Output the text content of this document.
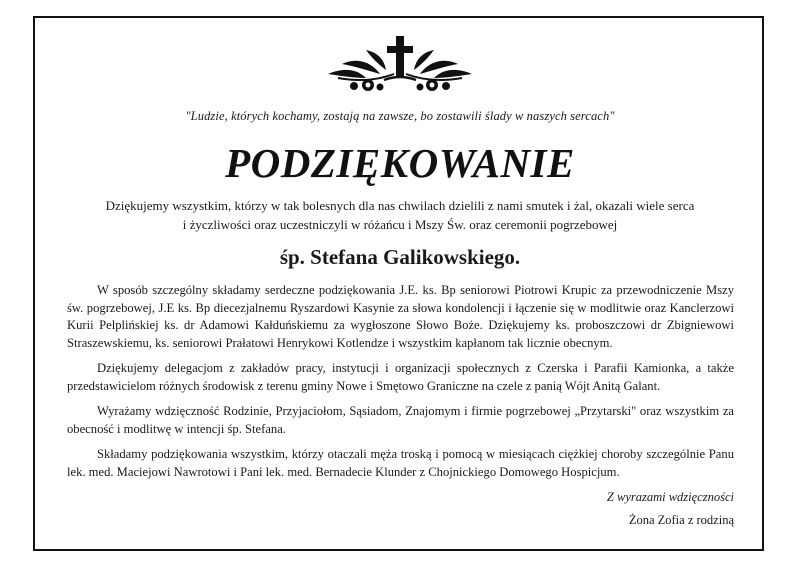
"Ludzie, których kochamy, zostają na zawsze, bo zostawili ślady w naszych sercach"
PODZIĘKOWANIE
Dziękujemy wszystkim, którzy w tak bolesnych dla nas chwilach dzielili z nami smutek i żal, okazali wiele serca
i życzliwości oraz uczestniczyli w różańcu i Mszy Św. oraz ceremonii pogrzebowej
śp. Stefana Galikowskiego.

W sposób szczególny składamy serdeczne podziękowania J.E. ks. Bp seniorowi Piotrowi Krupic za przewodniczenie Mszy św. pogrzebowej, J.E ks. Bp diecezjalnemu Ryszardowi Kasynie za słowa kondolencji i łączenie się w modlitwie oraz Kanclerzowi Kurii Pelplińskiej ks. dr Adamowi Kałduńskiemu za wygłoszone Słowo Boże. Dziękujemy ks. proboszczowi dr Zbigniewowi Straszewskiemu, ks. seniorowi Prałatowi Henrykowi Kotlendze i wszystkim kapłanom tak licznie obecnym.

Dziękujemy delegacjom z zakładów pracy, instytucji i organizacji społecznych z Czerska i Parafii Kamionka, a także przedstawicielom różnych środowisk z terenu gminy Nowe i Smętowo Graniczne na czele z panią Wójt Anitą Galant.

Wyrażamy wdzięczność Rodzinie, Przyjaciołom, Sąsiadom, Znajomym i firmie pogrzebowej „Przytarski" oraz wszystkim za obecność i modlitwę w intencji śp. Stefana.

Składamy podziękowania wszystkim, którzy otaczali męża troską i pomocą w miesiącach ciężkiej choroby szczególnie Panu lek. med. Maciejowi Nawrotowi i Pani lek. med. Bernadecie Klunder z Chojnickiego Domowego Hospicjum.

Z wyrazami wdzięczności
Żona Zofia z rodziną
